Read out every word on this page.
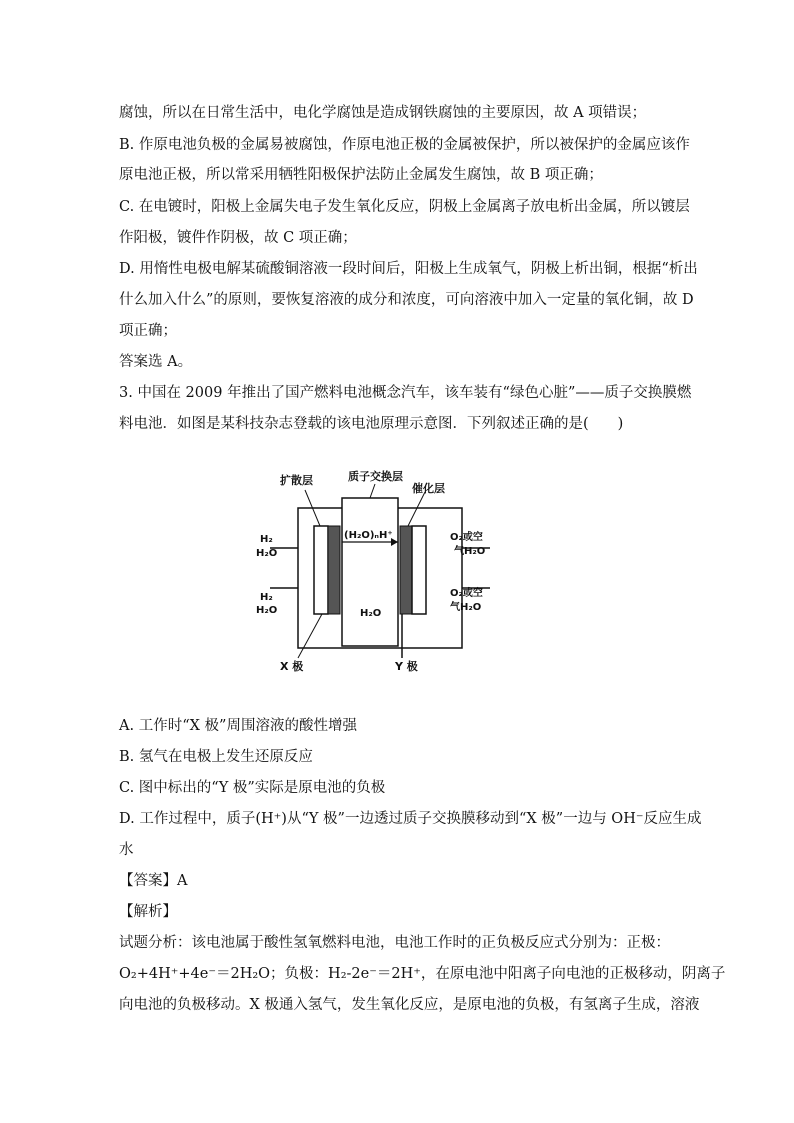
腐蚀，所以在日常生活中，电化学腐蚀是造成钢铁腐蚀的主要原因，故 A 项错误；
B. 作原电池负极的金属易被腐蚀，作原电池正极的金属被保护，所以被保护的金属应该作
原电池正极，所以常采用牺牲阳极保护法防止金属发生腐蚀，故 B 项正确；
C. 在电镀时，阳极上金属失电子发生氧化反应，阴极上金属离子放电析出金属，所以镀层
作阳极，镀件作阴极，故 C 项正确；
D. 用惰性电极电解某硫酸铜溶液一段时间后，阳极上生成氧气，阴极上析出铜，根据“析出
什么加入什么”的原则，要恢复溶液的成分和浓度，可向溶液中加入一定量的氧化铜，故 D
项正确；
答案选 A。
3. 中国在 2009 年推出了国产燃料电池概念汽车，该车装有“绿色心脏”——质子交换膜燃
料电池．如图是某科技杂志登载的该电池原理示意图．下列叙述正确的是(　　)
扩散层	质子交换层
催化层
H₂
H₂O
H₂
H₂O
(H₂O)ₙH⁺
H₂O
O₂或空
气H₂O
O₂或空
气H₂O
X 极	Y 极
A. 工作时“X 极”周围溶液的酸性增强
B. 氢气在电极上发生还原反应
C. 图中标出的“Y 极”实际是原电池的负极
D. 工作过程中，质子(H⁺)从“Y 极”一边透过质子交换膜移动到“X 极”一边与 OH⁻反应生成
水
【答案】A
【解析】
试题分析：该电池属于酸性氢氧燃料电池，电池工作时的正负极反应式分别为：正极：
O₂+4H⁺+4e⁻＝2H₂O；负极：H₂-2e⁻＝2H⁺，在原电池中阳离子向电池的正极移动，阴离子
向电池的负极移动。X 极通入氢气，发生氧化反应，是原电池的负极，有氢离子生成，溶液
